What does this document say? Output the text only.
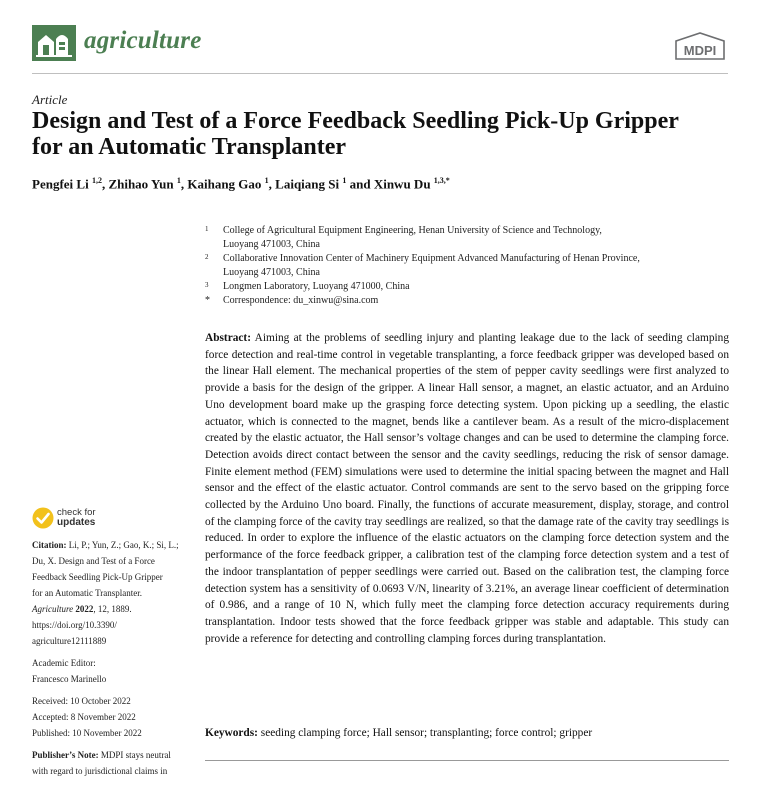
agriculture	MDPI
Article
Design and Test of a Force Feedback Seedling Pick-Up Gripper
for an Automatic Transplanter
Pengfei Li $^{1,2}$, Zhihao Yun $^1$, Kaihang Gao $^1$, Laiqiang Si $^1$ and Xinwu Du $^{1,3,*}$
1 College of Agricultural Equipment Engineering, Henan University of Science and Technology,
Luoyang 471003, China
2 Collaborative Innovation Center of Machinery Equipment Advanced Manufacturing of Henan Province,
Luoyang 471003, China
3 Longmen Laboratory, Luoyang 471000, China
* Correspondence: du_xinwu@sina.com
Abstract: Aiming at the problems of seedling injury and planting leakage due to the lack of seeding clamping force detection and real-time control in vegetable transplanting, a force feedback gripper was developed based on the linear Hall element. The mechanical properties of the stem of pepper cavity seedlings were first analyzed to provide a basis for the design of the gripper. A linear Hall sensor, a magnet, an elastic actuator, and an Arduino Uno development board make up the grasping force detecting system. Upon picking up a seedling, the elastic actuator, which is connected to the magnet, bends like a cantilever beam. As a result of the micro-displacement created by the elastic actuator, the Hall sensor’s voltage changes and can be used to determine the clamping force. Detection avoids direct contact between the sensor and the cavity seedlings, reducing the risk of sensor damage. Finite element method (FEM) simulations were used to determine the initial spacing between the magnet and Hall sensor and the effect of the elastic actuator. Control commands are sent to the servo based on the gripping force collected by the Arduino Uno board. Finally, the functions of accurate measurement, display, storage, and control of the clamping force of the cavity tray seedlings are realized, so that the damage rate of the cavity tray seedlings is reduced. In order to explore the influence of the elastic actuators on the clamping force detection system and the performance of the force feedback gripper, a calibration test of the clamping force detection system and a test of the indoor transplantation of pepper seedlings were carried out. Based on the calibration test, the clamping force detection system has a sensitivity of 0.0693 V/N, linearity of 3.21%, an average linear coefficient of determination of 0.986, and a range of 10 N, which fully meet the clamping force detection accuracy requirements during transplantation. Indoor tests showed that the force feedback gripper was stable and adaptable. This study can provide a reference for detecting and controlling clamping forces during transplantation.
Keywords: seeding clamping force; Hall sensor; transplanting; force control; gripper
check for
updates
Citation: Li, P.; Yun, Z.; Gao, K.; Si, L.;
Du, X. Design and Test of a Force
Feedback Seedling Pick-Up Gripper
for an Automatic Transplanter.
Agriculture 2022, 12, 1889.
https://doi.org/10.3390/
agriculture12111889
Academic Editor:
Francesco Marinello
Received: 10 October 2022
Accepted: 8 November 2022
Published: 10 November 2022
Publisher’s Note: MDPI stays neutral
with regard to jurisdictional claims in
